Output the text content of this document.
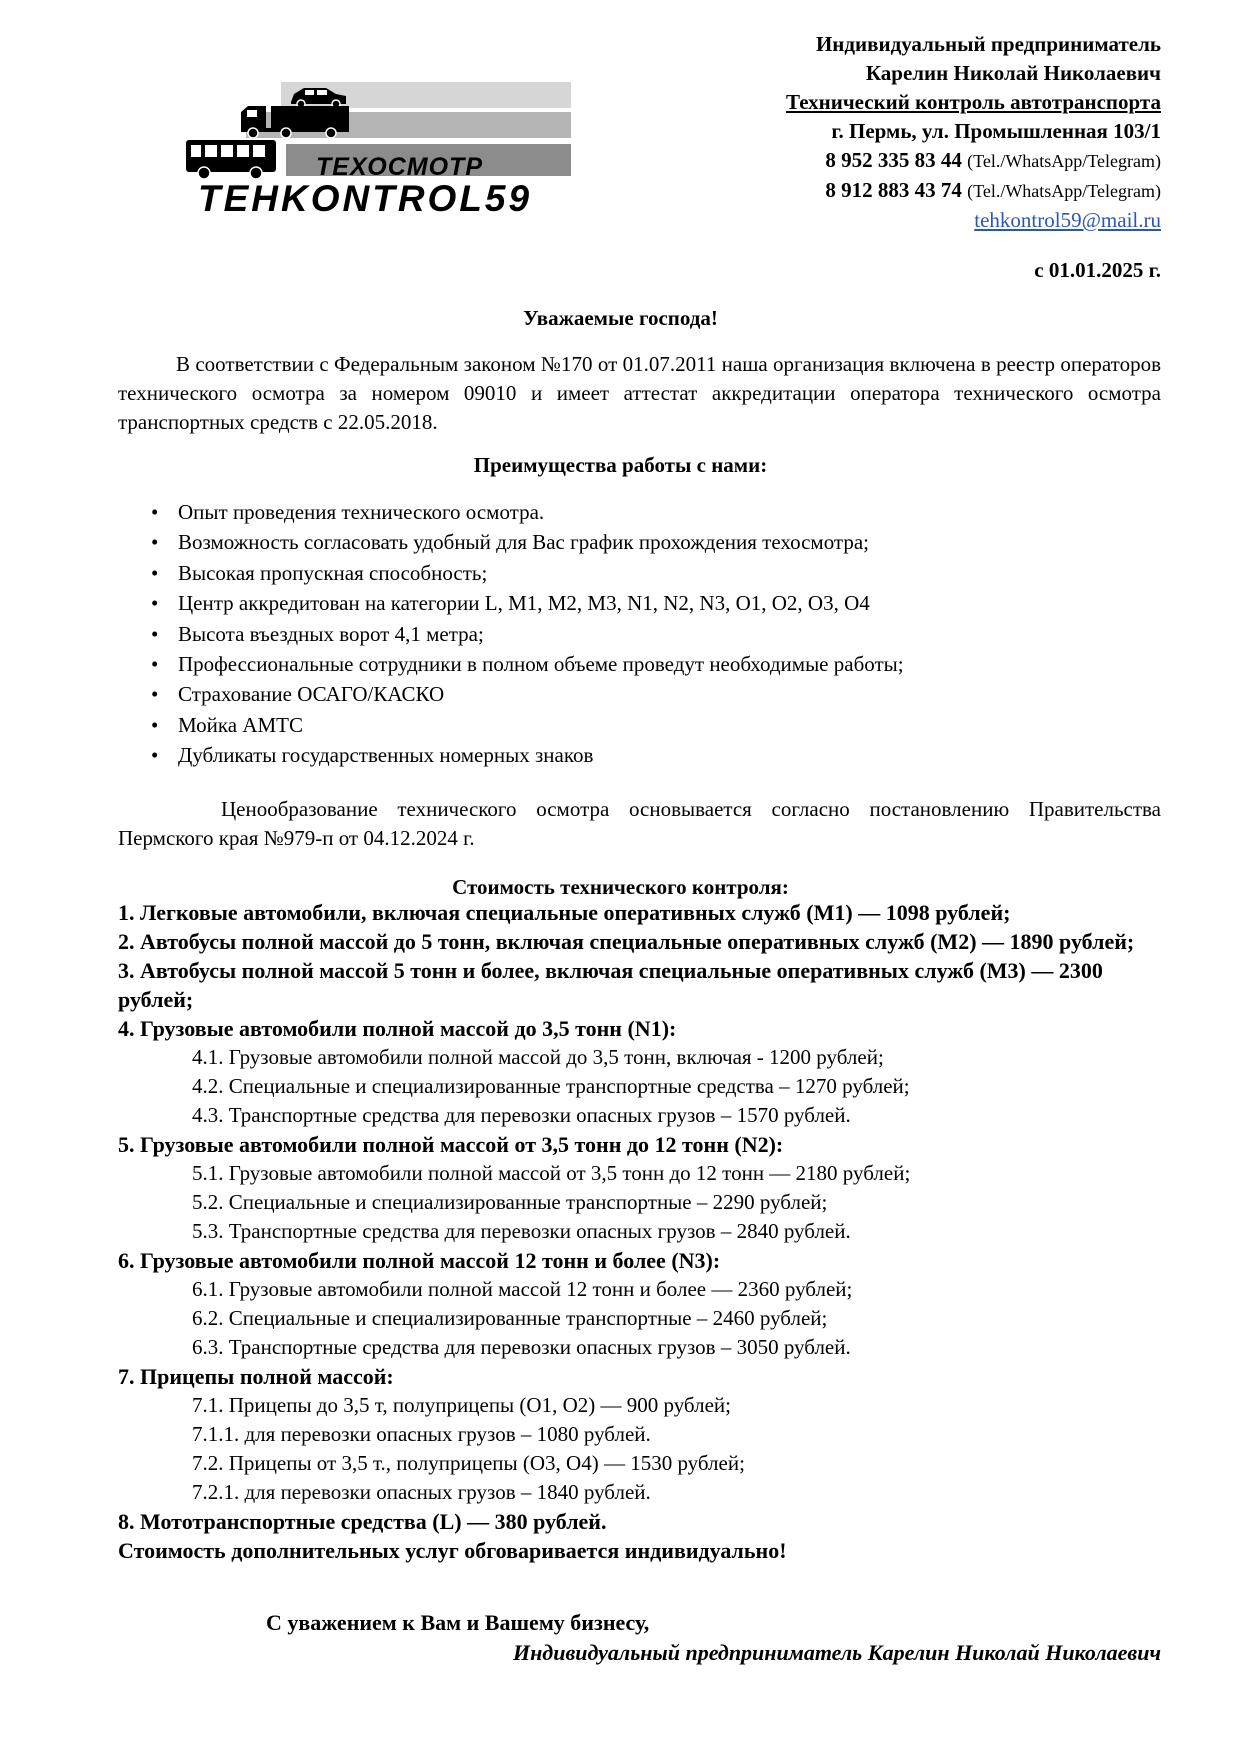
ТЕХОСМОТР
TEHKONTROL59
Индивидуальный предприниматель
Карелин Николай Николаевич
Технический контроль автотранспорта
г. Пермь, ул. Промышленная 103/1
8 952 335 83 44 (Tel./WhatsApp/Telegram)
8 912 883 43 74 (Tel./WhatsApp/Telegram)
tehkontrol59@mail.ru
с 01.01.2025 г.
Уважаемые господа!
В соответствии с Федеральным законом №170 от 01.07.2011 наша организация включена в реестр операторов технического осмотра за номером 09010 и имеет аттестат аккредитации оператора технического осмотра транспортных средств с 22.05.2018.
Преимущества работы с нами:
• Опыт проведения технического осмотра.
• Возможность согласовать удобный для Вас график прохождения техосмотра;
• Высокая пропускная способность;
• Центр аккредитован на категории L, M1, M2, M3, N1, N2, N3, O1, O2, O3, O4
• Высота въездных ворот 4,1 метра;
• Профессиональные сотрудники в полном объеме проведут необходимые работы;
• Страхование ОСАГО/КАСКО
• Мойка АМТС
• Дубликаты государственных номерных знаков
Ценообразование технического осмотра основывается согласно постановлению Правительства Пермского края №979-п от 04.12.2024 г.
Стоимость технического контроля:
1. Легковые автомобили, включая специальные оперативных служб (М1) — 1098 рублей;
2. Автобусы полной массой до 5 тонн, включая специальные оперативных служб (М2) — 1890 рублей;
3. Автобусы полной массой 5 тонн и более, включая специальные оперативных служб (М3) — 2300 рублей;
4. Грузовые автомобили полной массой до 3,5 тонн (N1):
4.1. Грузовые автомобили полной массой до 3,5 тонн, включая - 1200 рублей;
4.2. Специальные и специализированные транспортные средства – 1270 рублей;
4.3. Транспортные средства для перевозки опасных грузов – 1570 рублей.
5. Грузовые автомобили полной массой от 3,5 тонн до 12 тонн (N2):
5.1. Грузовые автомобили полной массой от 3,5 тонн до 12 тонн — 2180 рублей;
5.2. Специальные и специализированные транспортные – 2290 рублей;
5.3. Транспортные средства для перевозки опасных грузов – 2840 рублей.
6. Грузовые автомобили полной массой 12 тонн и более (N3):
6.1. Грузовые автомобили полной массой 12 тонн и более — 2360 рублей;
6.2. Специальные и специализированные транспортные – 2460 рублей;
6.3. Транспортные средства для перевозки опасных грузов – 3050 рублей.
7. Прицепы полной массой:
7.1. Прицепы до 3,5 т, полуприцепы (О1, О2) — 900 рублей;
7.1.1. для перевозки опасных грузов – 1080 рублей.
7.2. Прицепы от 3,5 т., полуприцепы (О3, О4) — 1530 рублей;
7.2.1. для перевозки опасных грузов – 1840 рублей.
8. Мототранспортные средства (L) — 380 рублей.
Стоимость дополнительных услуг обговаривается индивидуально!
С уважением к Вам и Вашему бизнесу,
Индивидуальный предприниматель Карелин Николай Николаевич
